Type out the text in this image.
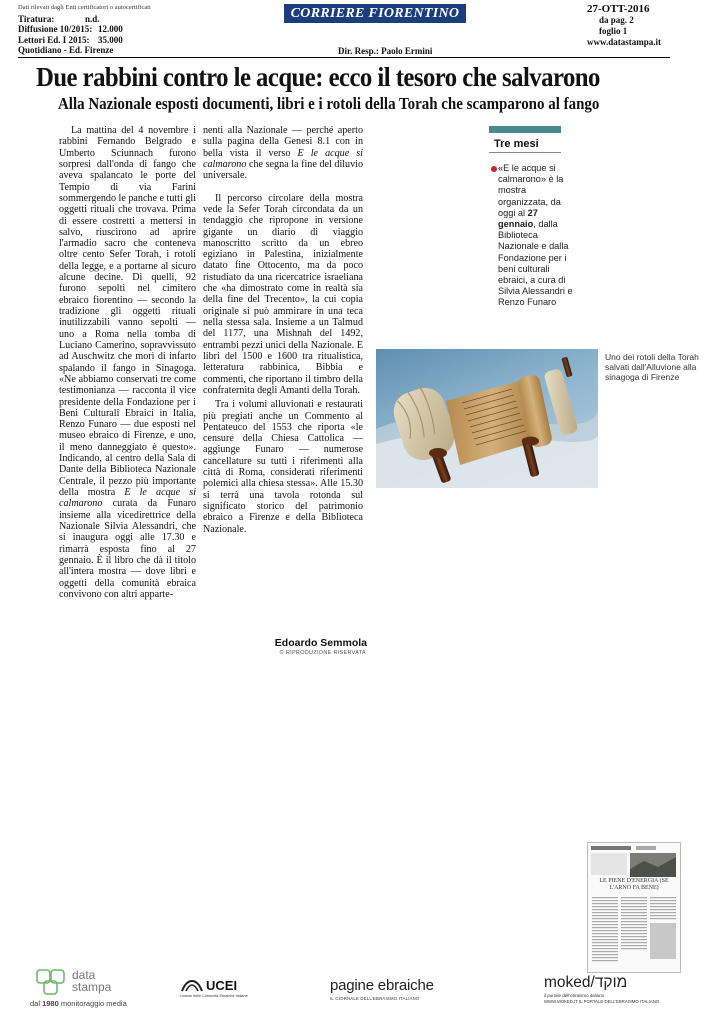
Dati rilevati dagli Enti certificatori o autocertificati
Tiratura:	n.d.
Diffusione 10/2015: 12.000
Lettori Ed. I 2015: 35.000
Quotidiano - Ed. Firenze
CORRIERE FIORENTINO
Dir. Resp.: Paolo Ermini
27-OTT-2016
da pag. 2
foglio 1
www.datastampa.it
Due rabbini contro le acque: ecco il tesoro che salvarono
Alla Nazionale esposti documenti, libri e i rotoli della Torah che scamparono al fango

La mattina del 4 novembre i rabbini Fernando Belgrado e Umberto Sciunnach furono sorpresi dall'onda di fango che aveva spalancato le porte del Tempio di via Farini sommergendo le panche e tutti gli oggetti rituali che trovava. Prima di essere costretti a mettersi in salvo, riuscirono ad aprire l'armadio sacro che conteneva oltre cento Sefer Torah, i rotoli della legge, e a portarne al sicuro alcune decine. Di quelli, 92 furono sepolti nel cimitero ebraico fiorentino — secondo la tradizione gli oggetti rituali inutilizzabili vanno sepolti — uno a Roma nella tomba di Luciano Camerino, sopravvissuto ad Auschwitz che morì di infarto spalando il fango in Sinagoga. «Ne abbiamo conservati tre come testimonianza — racconta il vice presidente della Fondazione per i Beni Culturali Ebraici in Italia, Renzo Funaro — due esposti nel museo ebraico di Firenze, e uno, il meno danneggiato è questo». Indicando, al centro della Sala di Dante della Biblioteca Nazionale Centrale, il pezzo più importante della mostra E le acque si calmarono curata da Funaro insieme alla vicedirettrice della Nazionale Silvia Alessandri, che si inaugura oggi alle 17.30 e rimarrà esposta fino al 27 gennaio. È il libro che dà il titolo all'intera mostra — dove libri e oggetti della comunità ebraica convivono con altri apparte-

nenti alla Nazionale — perché aperto sulla pagina della Genesi 8.1 con in bella vista il verso E le acque si calmarono che segna la fine del diluvio universale.

Il percorso circolare della mostra vede la Sefer Torah circondata da un tendaggio che ripropone in versione gigante un diario di viaggio manoscritto scritto da un ebreo egiziano in Palestina, inizialmente datato fine Ottocento, ma da poco ristudiato da una ricercatrice israeliana che «ha dimostrato come in realtà sia della fine del Trecento», la cui copia originale si può ammirare in una teca nella stessa sala. Insieme a un Talmud del 1177, una Mishnah del 1492, entrambi pezzi unici della Nazionale. E libri del 1500 e 1600 tra ritualistica, letteratura rabbinica, Bibbia e commenti, che riportano il timbro della confraternita degli Amanti della Torah.

Tra i volumi alluvionati e restaurati più pregiati anche un Commento al Pentateuco del 1553 che riporta «le censure della Chiesa Cattolica — aggiunge Funaro — numerose cancellature su tutti i riferimenti alla città di Roma, considerati riferimenti polemici alla chiesa stessa». Alle 15.30 si terrà una tavola rotonda sul significato storico del patrimonio ebraico a Firenze e della Biblioteca Nazionale.

Edoardo Semmola
© RIPRODUZIONE RISERVATA
Tre mesi
«E le acque si calmarono» è la mostra organizzata, da oggi al 27 gennaio, dalla Biblioteca Nazionale e dalla Fondazione per i beni culturali ebraici, a cura di Silvia Alessandri e Renzo Funaro
Uno dei rotoli della Torah salvati dall'Alluvione alla sinagoga di Firenze
LE PIENE D'ENERGIA (SE L'ARNO FA BENE)
data
stampa
dal 1980 monitoraggio media
UCEI
Unione delle Comunità Ebraiche Italiane
pagine ebraiche
IL GIORNALE DELL'EBRAISMO ITALIANO
moked/מוקד
il portale dell'ebraismo italiano
WWW.MOKED.IT IL PORTALE DELL'EBRAISMO ITALIANO
